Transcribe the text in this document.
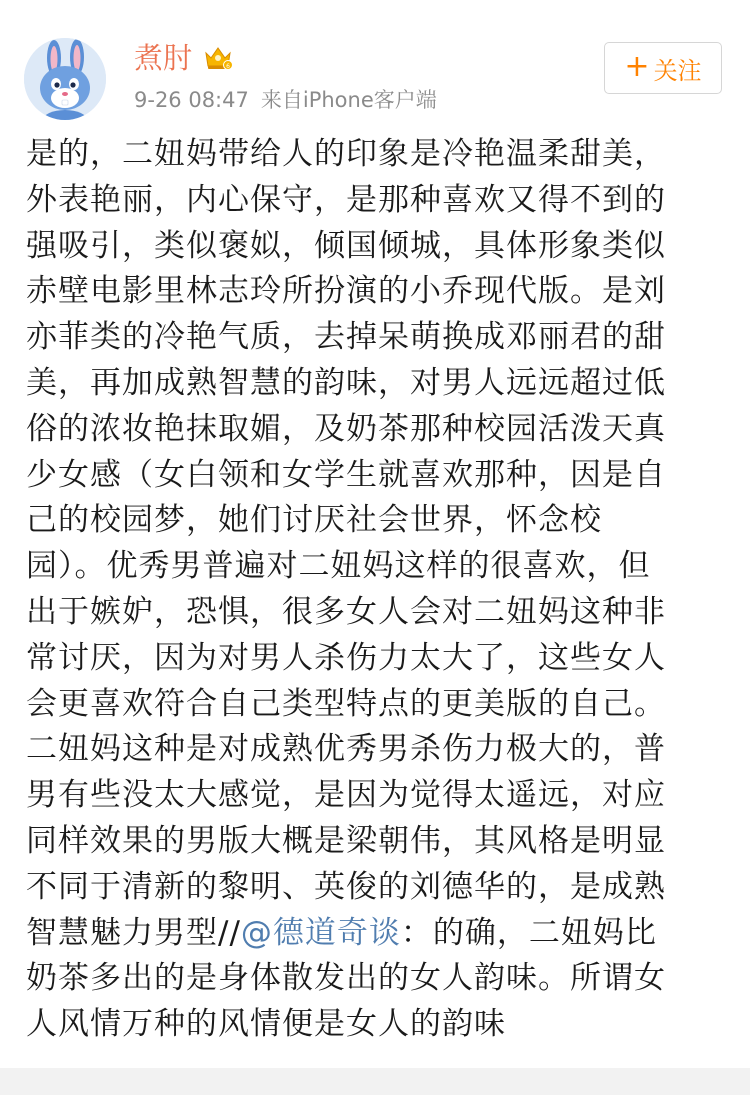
煮肘	6
9-26 08:47 来自iPhone客户端
+ 关注
是的，二妞妈带给人的印象是冷艳温柔甜美，
外表艳丽，内心保守，是那种喜欢又得不到的
强吸引，类似褒姒，倾国倾城，具体形象类似
赤壁电影里林志玲所扮演的小乔现代版。是刘
亦菲类的冷艳气质，去掉呆萌换成邓丽君的甜
美，再加成熟智慧的韵味，对男人远远超过低
俗的浓妆艳抹取媚，及奶茶那种校园活泼天真
少女感（女白领和女学生就喜欢那种，因是自
己的校园梦，她们讨厌社会世界，怀念校
园）。优秀男普遍对二妞妈这样的很喜欢，但
出于嫉妒，恐惧，很多女人会对二妞妈这种非
常讨厌，因为对男人杀伤力太大了，这些女人
会更喜欢符合自己类型特点的更美版的自己。
二妞妈这种是对成熟优秀男杀伤力极大的，普
男有些没太大感觉，是因为觉得太遥远，对应
同样效果的男版大概是梁朝伟，其风格是明显
不同于清新的黎明、英俊的刘德华的，是成熟
智慧魅力男型//@德道奇谈：的确，二妞妈比
奶茶多出的是身体散发出的女人韵味。所谓女
人风情万种的风情便是女人的韵味
